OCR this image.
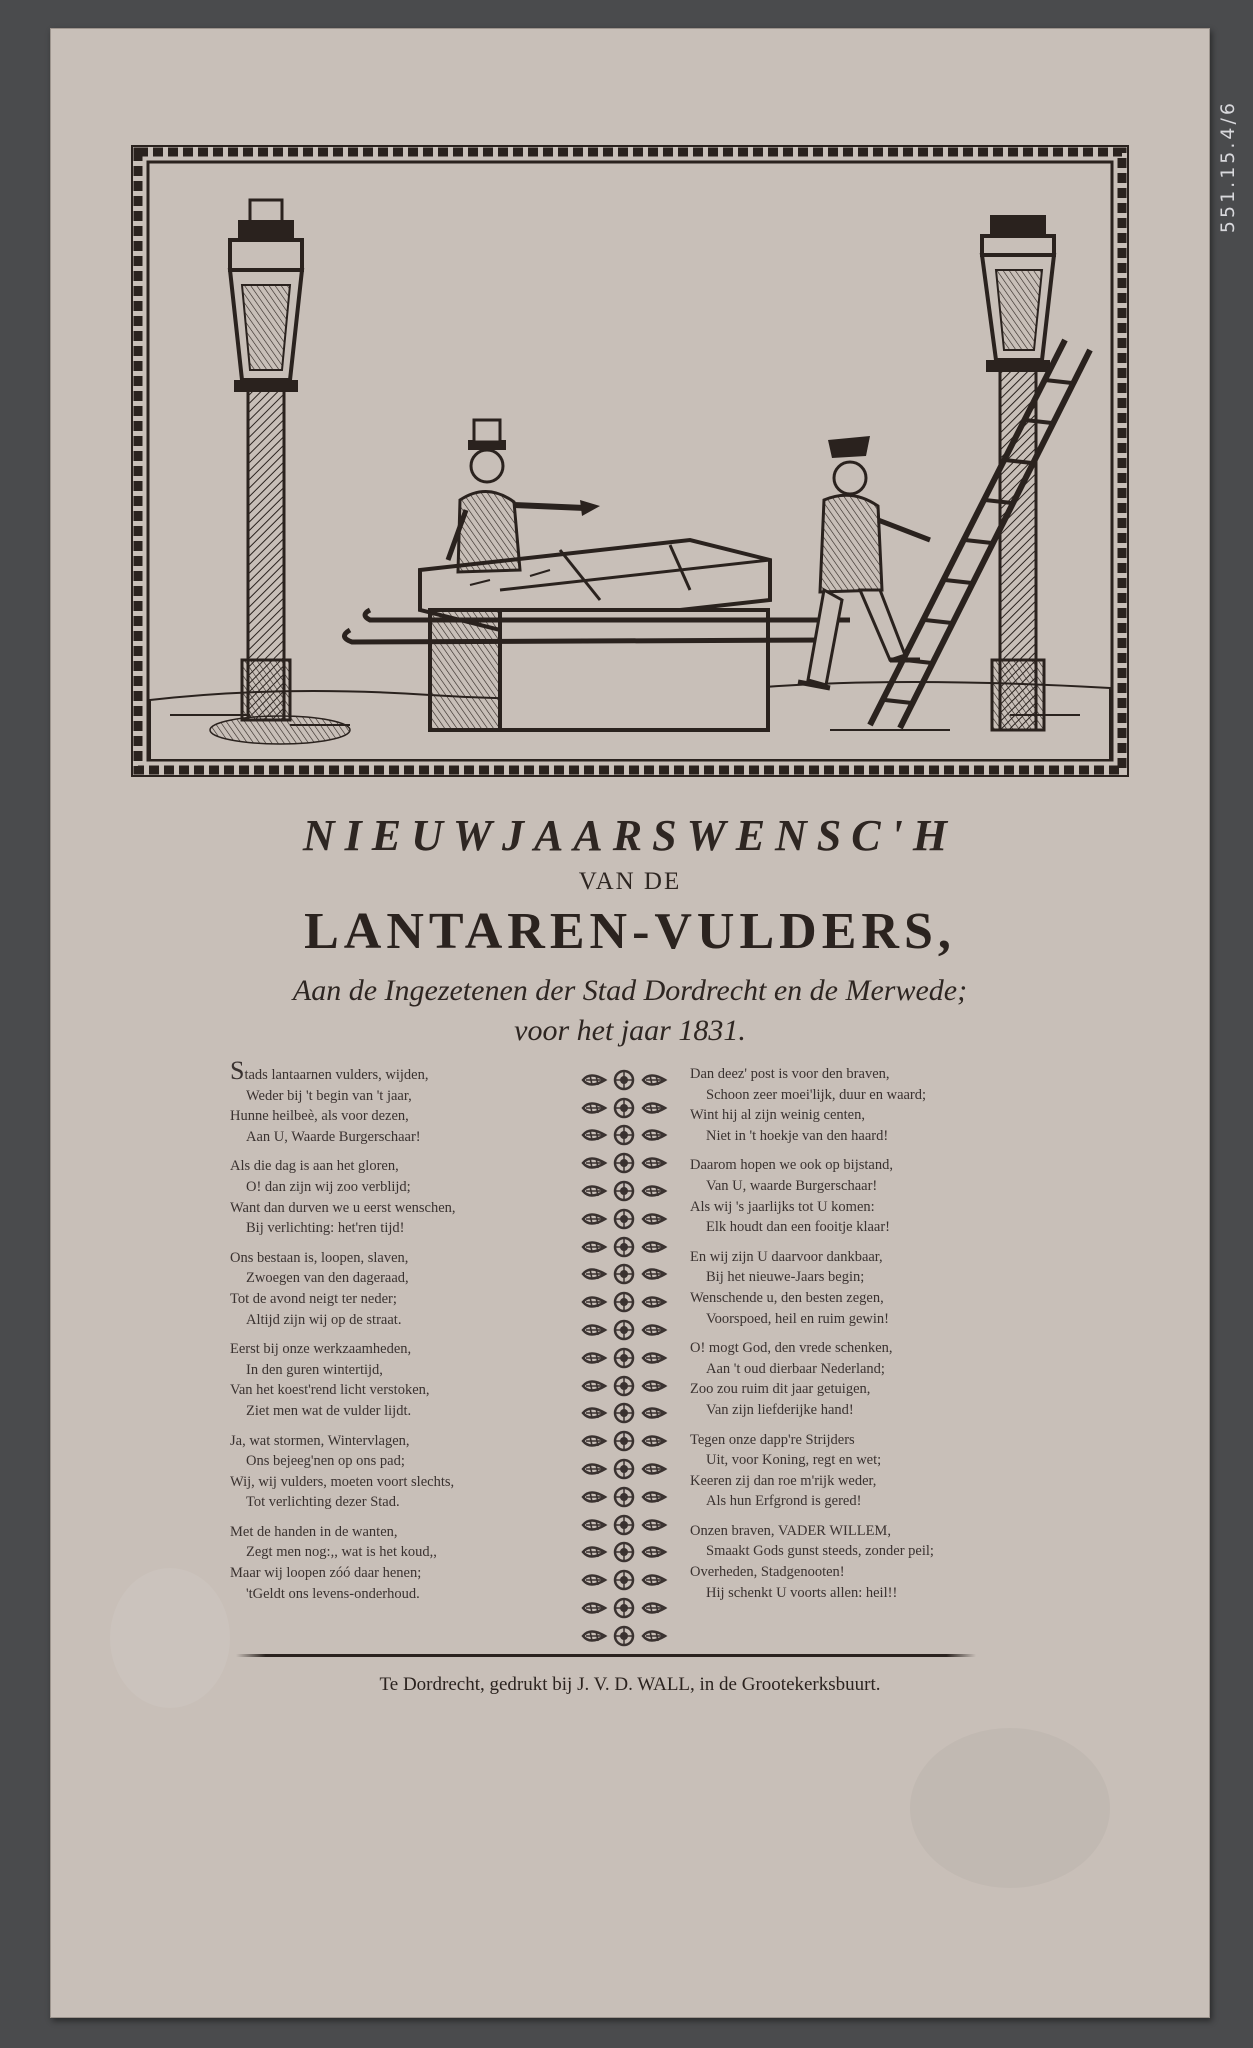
NIEUWJAARSWENSC'H
VAN DE
LANTAREN-VULDERS,
Aan de Ingezetenen der Stad Dordrecht en de Merwede;
voor het jaar 1831.
Stads lantaarnen vulders, wijden,
Weder bij 't begin van 't jaar,
Hunne heilbeè, als voor dezen,
Aan U, Waarde Burgerschaar!
Als die dag is aan het gloren,
O! dan zijn wij zoo verblijd;
Want dan durven we u eerst wenschen,
Bij verlichting: het'ren tijd!
Ons bestaan is, loopen, slaven,
Zwoegen van den dageraad,
Tot de avond neigt ter neder;
Altijd zijn wij op de straat.
Eerst bij onze werkzaamheden,
In den guren wintertijd,
Van het koest'rend licht verstoken,
Ziet men wat de vulder lijdt.
Ja, wat stormen, Wintervlagen,
Ons bejeeg'nen op ons pad;
Wij, wij vulders, moeten voort slechts,
Tot verlichting dezer Stad.
Met de handen in de wanten,
Zegt men nog:,, wat is het koud,,
Maar wij loopen zóó daar henen;
'tGeldt ons levens-onderhoud.
Dan deez' post is voor den braven,
Schoon zeer moei'lijk, duur en waard;
Wint hij al zijn weinig centen,
Niet in 't hoekje van den haard!
Daarom hopen we ook op bijstand,
Van U, waarde Burgerschaar!
Als wij 's jaarlijks tot U komen:
Elk houdt dan een fooitje klaar!
En wij zijn U daarvoor dankbaar,
Bij het nieuwe-Jaars begin;
Wenschende u, den besten zegen,
Voorspoed, heil en ruim gewin!
O! mogt God, den vrede schenken,
Aan 't oud dierbaar Nederland;
Zoo zou ruim dit jaar getuigen,
Van zijn liefderijke hand!
Tegen onze dapp're Strijders
Uit, voor Koning, regt en wet;
Keeren zij dan roe m'rijk weder,
Als hun Erfgrond is gered!
Onzen braven, VADER WILLEM,
Smaakt Gods gunst steeds, zonder peil;
Overheden, Stadgenooten!
Hij schenkt U voorts allen: heil!!
Te Dordrecht, gedrukt bij J. V. D. WALL, in de Grootekerksbuurt.
551.15.4/6
